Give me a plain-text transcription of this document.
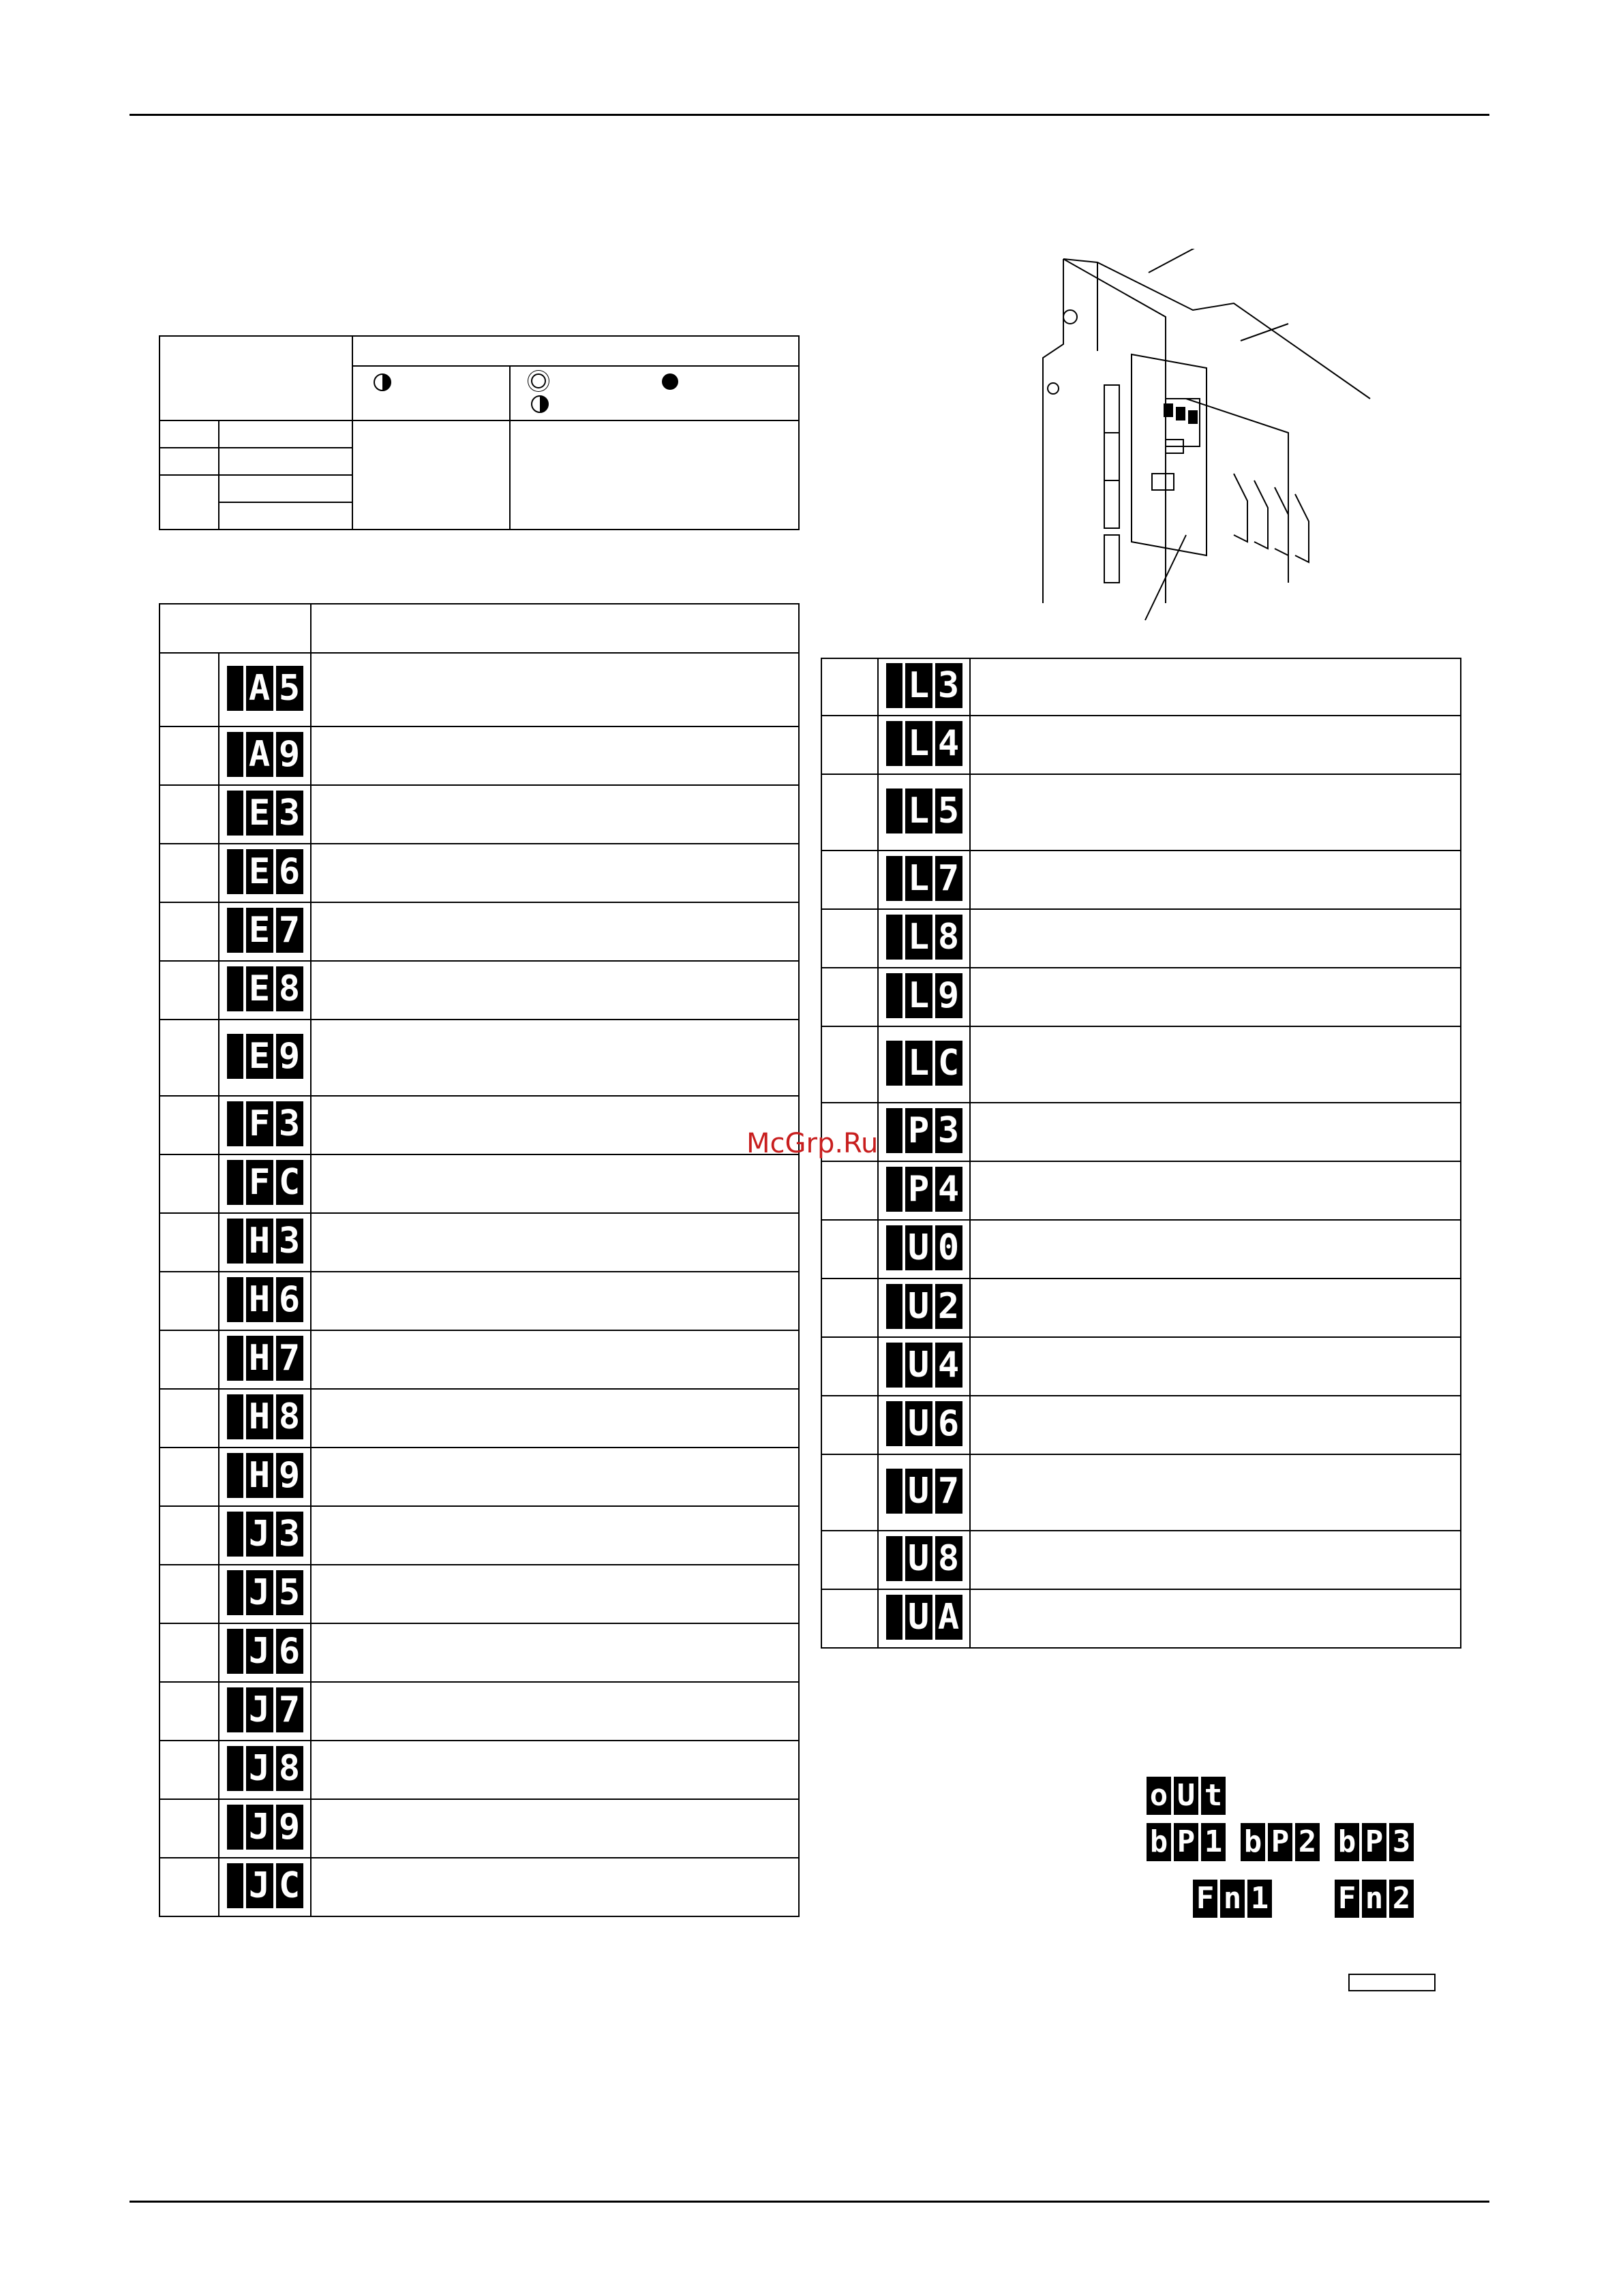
	A 5	

	A 9	

	E 3	

	E 6	

	E 7	

	E 8	

	E 9	

	F 3	

	F C	

	H 3	

	H 6	

	H 7	

	H 8	

	H 9	

	J 3	

	J 5	

	J 6	

	J 7	

	J 8	

	J 9	

	J C	

	L 3	

	L 4	

	L 5	

	L 7	

	L 8	

	L 9	

	L C	

	P 3	

	P 4	

	U 0	

	U 2	

	U 4	

	U 6	

	U 7	

	U 8	

	U A	

McGrp.Ru
o U t
b P 1 b P 2 b P 3
F n 1 F n 2
